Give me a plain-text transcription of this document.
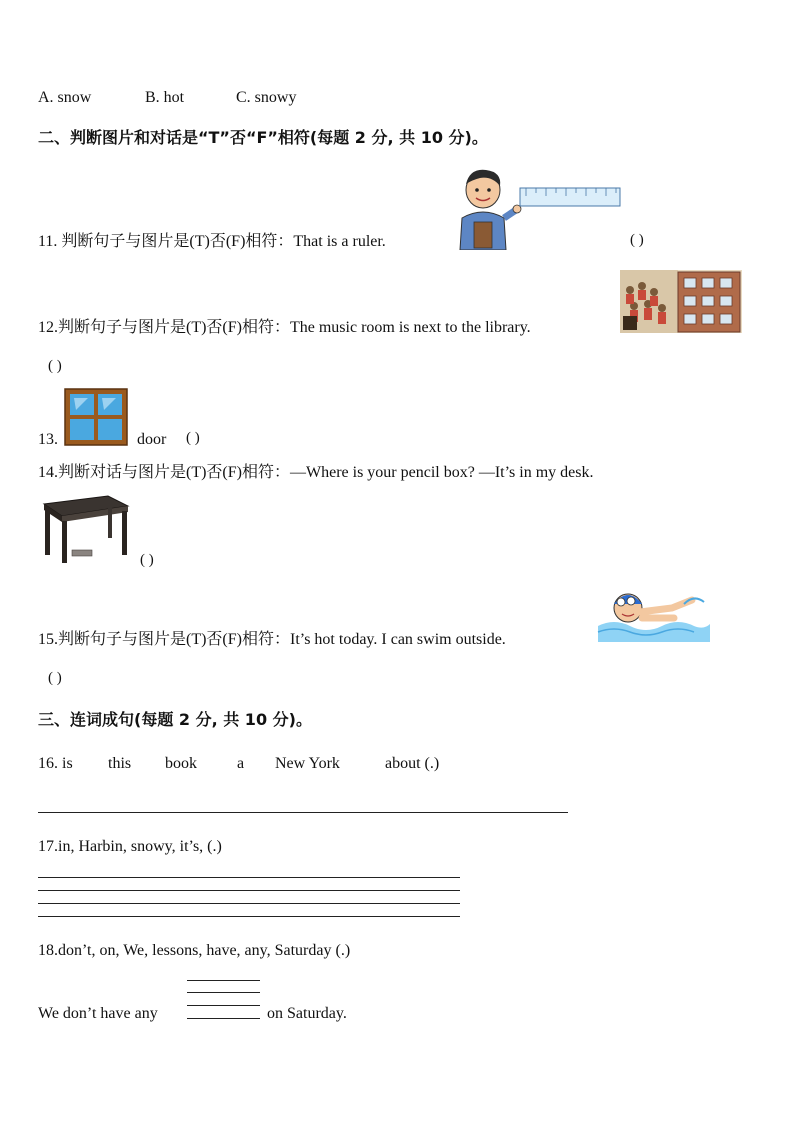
A. snow	B. hot	C. snowy
二、判断图片和对话是“T”否“F”相符(每题 2 分, 共 10 分)。
11. 判断句子与图片是(T)否(F)相符：That is a ruler.	( )
12.判断句子与图片是(T)否(F)相符：The music room is next to the library.
( )
13.	door ( )
14.判断对话与图片是(T)否(F)相符：—Where is your pencil box? —It’s in my desk.
( )
15.判断句子与图片是(T)否(F)相符：It’s hot today. I can swim outside.
( )
三、连词成句(每题 2 分, 共 10 分)。
16. is this book	a New York	about (.)
17.in, Harbin, snowy, it’s, (.)
18.don’t, on, We, lessons, have, any, Saturday (.)
We don’t have any	on Saturday.
